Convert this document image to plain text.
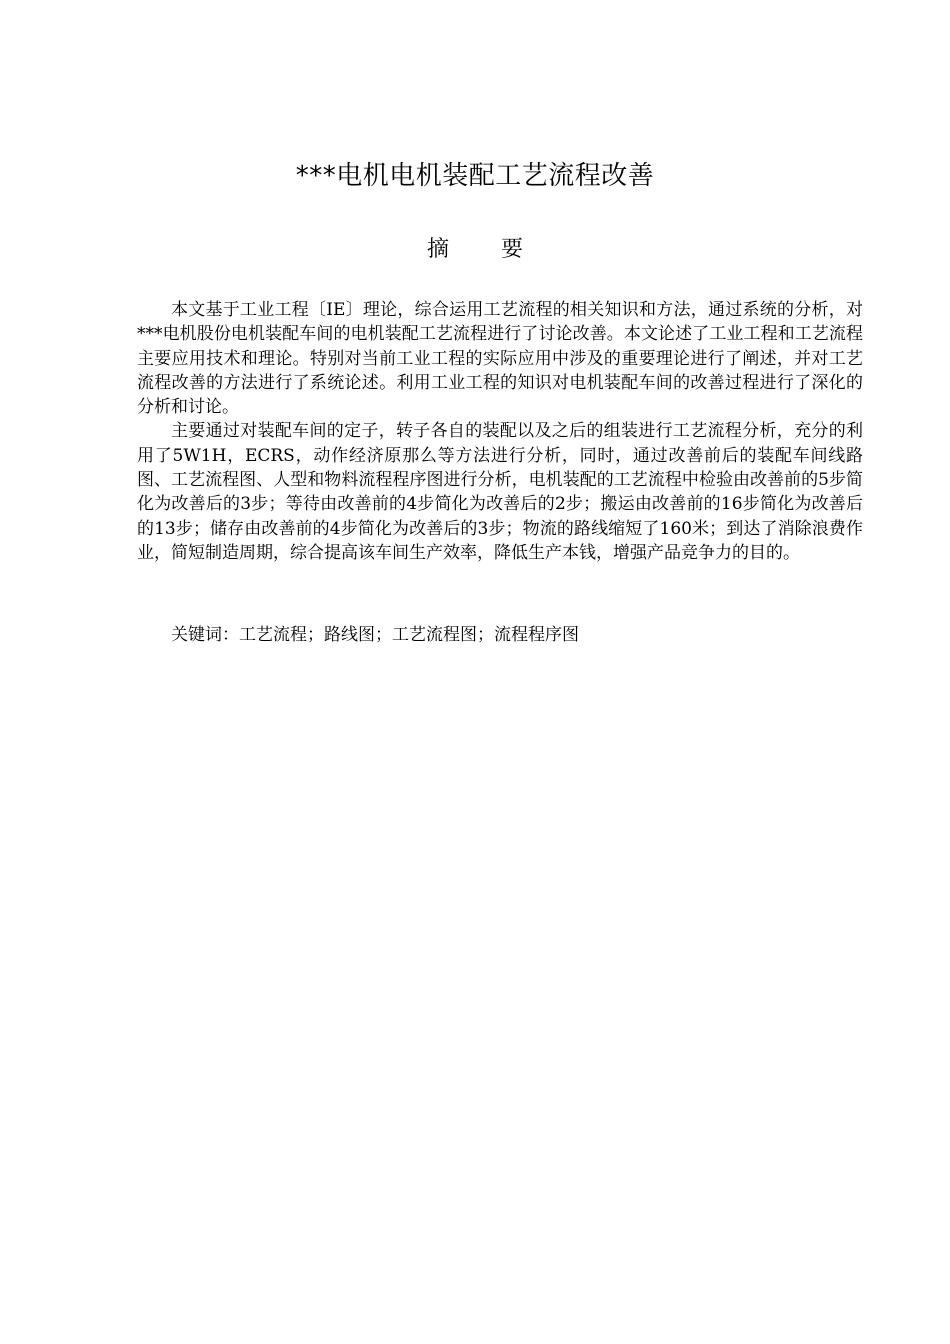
***电机电机装配工艺流程改善
摘 要

本文基于工业工程〔IE〕理论，综合运用工艺流程的相关知识和方法，通过系统的分析，对***电机股份电机装配车间的电机装配工艺流程进行了讨论改善。本文论述了工业工程和工艺流程主要应用技术和理论。特别对当前工业工程的实际应用中涉及的重要理论进行了阐述，并对工艺流程改善的方法进行了系统论述。利用工业工程的知识对电机装配车间的改善过程进行了深化的分析和讨论。

主要通过对装配车间的定子，转子各自的装配以及之后的组装进行工艺流程分析，充分的利用了5W1H，ECRS，动作经济原那么等方法进行分析，同时，通过改善前后的装配车间线路图、工艺流程图、人型和物料流程程序图进行分析，电机装配的工艺流程中检验由改善前的5步简化为改善后的3步；等待由改善前的4步简化为改善后的2步；搬运由改善前的16步简化为改善后的13步；储存由改善前的4步简化为改善后的3步；物流的路线缩短了160米；到达了消除浪费作业，简短制造周期，综合提高该车间生产效率，降低生产本钱，增强产品竞争力的目的。

关键词：工艺流程；路线图；工艺流程图；流程程序图
